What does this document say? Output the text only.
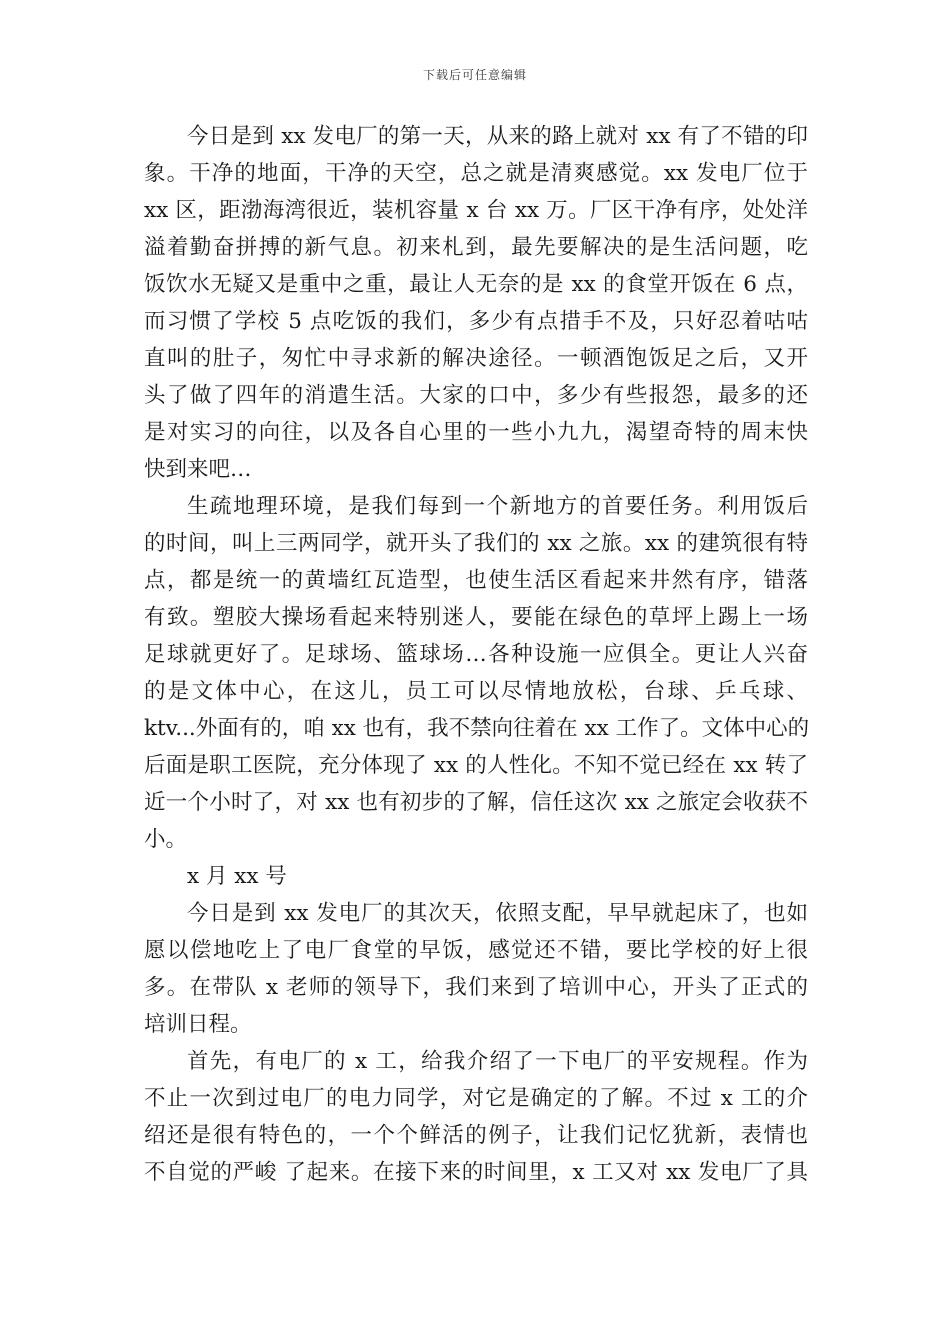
下载后可任意编辑
今日是到 xx 发电厂的第一天，从来的路上就对 xx 有了不错的印
象。干净的地面，干净的天空，总之就是清爽感觉。xx 发电厂位于
xx 区，距渤海湾很近，装机容量 x 台 xx 万。厂区干净有序，处处洋
溢着勤奋拼搏的新气息。初来札到，最先要解决的是生活问题，吃
饭饮水无疑又是重中之重，最让人无奈的是 xx 的食堂开饭在 6 点，
而习惯了学校 5 点吃饭的我们，多少有点措手不及，只好忍着咕咕
直叫的肚子，匆忙中寻求新的解决途径。一顿酒饱饭足之后，又开
头了做了四年的消遣生活。大家的口中，多少有些报怨，最多的还
是对实习的向往，以及各自心里的一些小九九，渴望奇特的周末快
快到来吧…
生疏地理环境，是我们每到一个新地方的首要任务。利用饭后
的时间，叫上三两同学，就开头了我们的 xx 之旅。xx 的建筑很有特
点，都是统一的黄墙红瓦造型，也使生活区看起来井然有序，错落
有致。塑胶大操场看起来特别迷人，要能在绿色的草坪上踢上一场
足球就更好了。足球场、篮球场…各种设施一应俱全。更让人兴奋
的是文体中心，在这儿，员工可以尽情地放松，台球、乒乓球、
ktv...外面有的，咱 xx 也有，我不禁向往着在 xx 工作了。文体中心的
后面是职工医院，充分体现了 xx 的人性化。不知不觉已经在 xx 转了
近一个小时了，对 xx 也有初步的了解，信任这次 xx 之旅定会收获不
小。
x 月 xx 号
今日是到 xx 发电厂的其次天，依照支配，早早就起床了，也如
愿以偿地吃上了电厂食堂的早饭，感觉还不错，要比学校的好上很
多。在带队 x 老师的领导下，我们来到了培训中心，开头了正式的
培训日程。
首先，有电厂的 x 工，给我介绍了一下电厂的平安规程。作为
不止一次到过电厂的电力同学，对它是确定的了解。不过 x 工的介
绍还是很有特色的，一个个鲜活的例子，让我们记忆犹新，表情也
不自觉的严峻 了起来。在接下来的时间里，x 工又对 xx 发电厂了具
